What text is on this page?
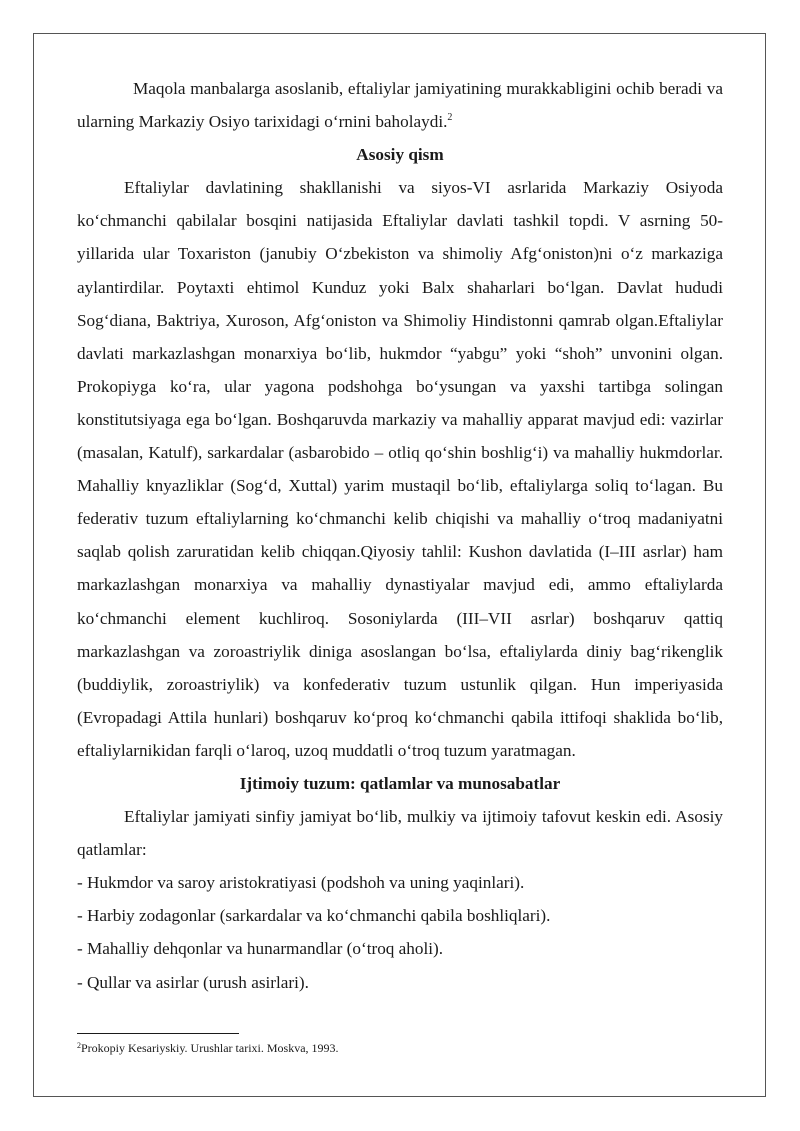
Maqola manbalarga asoslanib, eftaliylar jamiyatining murakkabligini ochib beradi va ularning Markaziy Osiyo tarixidagi o‘rnini baholaydi.$^2$

Asosiy qism

Eftaliylar davlatining shakllanishi va siyos-VI asrlarida Markaziy Osiyoda ko‘chmanchi qabilalar bosqini natijasida Eftaliylar davlati tashkil topdi. V asrning 50-yillarida ular Toxariston (janubiy O‘zbekiston va shimoliy Afg‘oniston)ni o‘z markaziga aylantirdilar. Poytaxti ehtimol Kunduz yoki Balx shaharlari bo‘lgan. Davlat hududi Sog‘diana, Baktriya, Xuroson, Afg‘oniston va Shimoliy Hindistonni qamrab olgan.Eftaliylar davlati markazlashgan monarxiya bo‘lib, hukmdor “yabgu” yoki “shoh” unvonini olgan. Prokopiyga ko‘ra, ular yagona podshohga bo‘ysungan va yaxshi tartibga solingan konstitutsiyaga ega bo‘lgan. Boshqaruvda markaziy va mahalliy apparat mavjud edi: vazirlar (masalan, Katulf), sarkardalar (asbarobido – otliq qo‘shin boshlig‘i) va mahalliy hukmdorlar. Mahalliy knyazliklar (Sog‘d, Xuttal) yarim mustaqil bo‘lib, eftaliylarga soliq to‘lagan. Bu federativ tuzum eftaliylarning ko‘chmanchi kelib chiqishi va mahalliy o‘troq madaniyatni saqlab qolish zaruratidan kelib chiqqan.Qiyosiy tahlil: Kushon davlatida (I–III asrlar) ham markazlashgan monarxiya va mahalliy dynastiyalar mavjud edi, ammo eftaliylarda ko‘chmanchi element kuchliroq. Sosoniylarda (III–VII asrlar) boshqaruv qattiq markazlashgan va zoroastriylik diniga asoslangan bo‘lsa, eftaliylarda diniy bag‘rikenglik (buddiylik, zoroastriylik) va konfederativ tuzum ustunlik qilgan. Hun imperiyasida (Evropadagi Attila hunlari) boshqaruv ko‘proq ko‘chmanchi qabila ittifoqi shaklida bo‘lib, eftaliylarnikidan farqli o‘laroq, uzoq muddatli o‘troq tuzum yaratmagan.

Ijtimoiy tuzum: qatlamlar va munosabatlar

Eftaliylar jamiyati sinfiy jamiyat bo‘lib, mulkiy va ijtimoiy tafovut keskin edi. Asosiy qatlamlar:

- Hukmdor va saroy aristokratiyasi (podshoh va uning yaqinlari).

- Harbiy zodagonlar (sarkardalar va ko‘chmanchi qabila boshliqlari).

- Mahalliy dehqonlar va hunarmandlar (o‘troq aholi).

- Qullar va asirlar (urush asirlari).

$^2$Prokopiy Kesariyskiy. Urushlar tarixi. Moskva, 1993.
